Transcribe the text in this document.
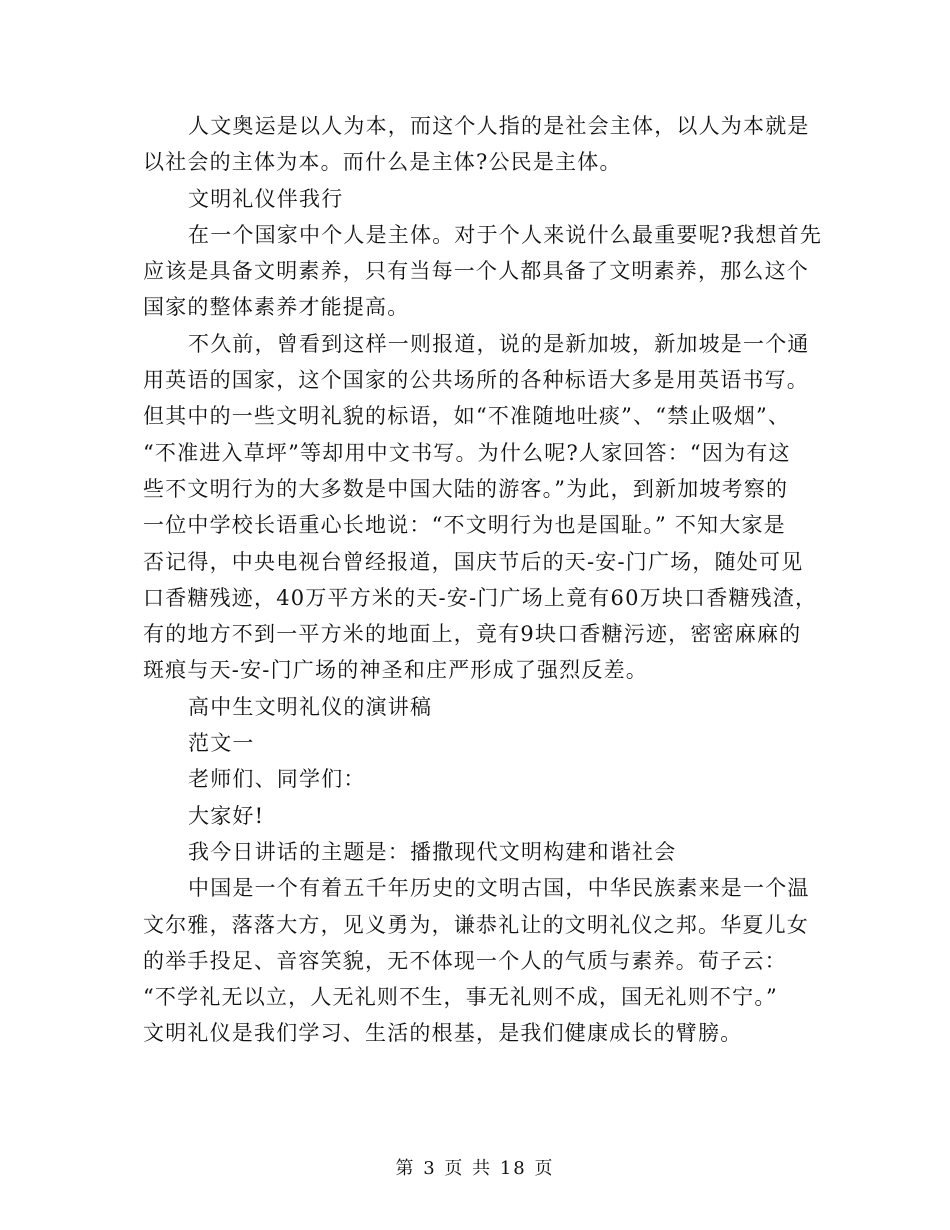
人文奥运是以人为本，而这个人指的是社会主体，以人为本就是
以社会的主体为本。而什么是主体?公民是主体。
文明礼仪伴我行
在一个国家中个人是主体。对于个人来说什么最重要呢?我想首先
应该是具备文明素养，只有当每一个人都具备了文明素养，那么这个
国家的整体素养才能提高。
不久前，曾看到这样一则报道，说的是新加坡，新加坡是一个通
用英语的国家，这个国家的公共场所的各种标语大多是用英语书写。
但其中的一些文明礼貌的标语，如“不准随地吐痰”、“禁止吸烟”、
“不准进入草坪”等却用中文书写。为什么呢?人家回答：“因为有这
些不文明行为的大多数是中国大陆的游客。”为此，到新加坡考察的
一位中学校长语重心长地说：“不文明行为也是国耻。” 不知大家是
否记得，中央电视台曾经报道，国庆节后的天-安-门广场，随处可见
口香糖残迹，40万平方米的天-安-门广场上竟有60万块口香糖残渣，
有的地方不到一平方米的地面上，竟有9块口香糖污迹，密密麻麻的
斑痕与天-安-门广场的神圣和庄严形成了强烈反差。
高中生文明礼仪的演讲稿
范文一
老师们、同学们：
大家好!
我今日讲话的主题是：播撒现代文明构建和谐社会
中国是一个有着五千年历史的文明古国，中华民族素来是一个温
文尔雅，落落大方，见义勇为，谦恭礼让的文明礼仪之邦。华夏儿女
的举手投足、音容笑貌，无不体现一个人的气质与素养。荀子云：
“不学礼无以立，人无礼则不生，事无礼则不成，国无礼则不宁。”
文明礼仪是我们学习、生活的根基，是我们健康成长的臂膀。
第 3 页 共 18 页
